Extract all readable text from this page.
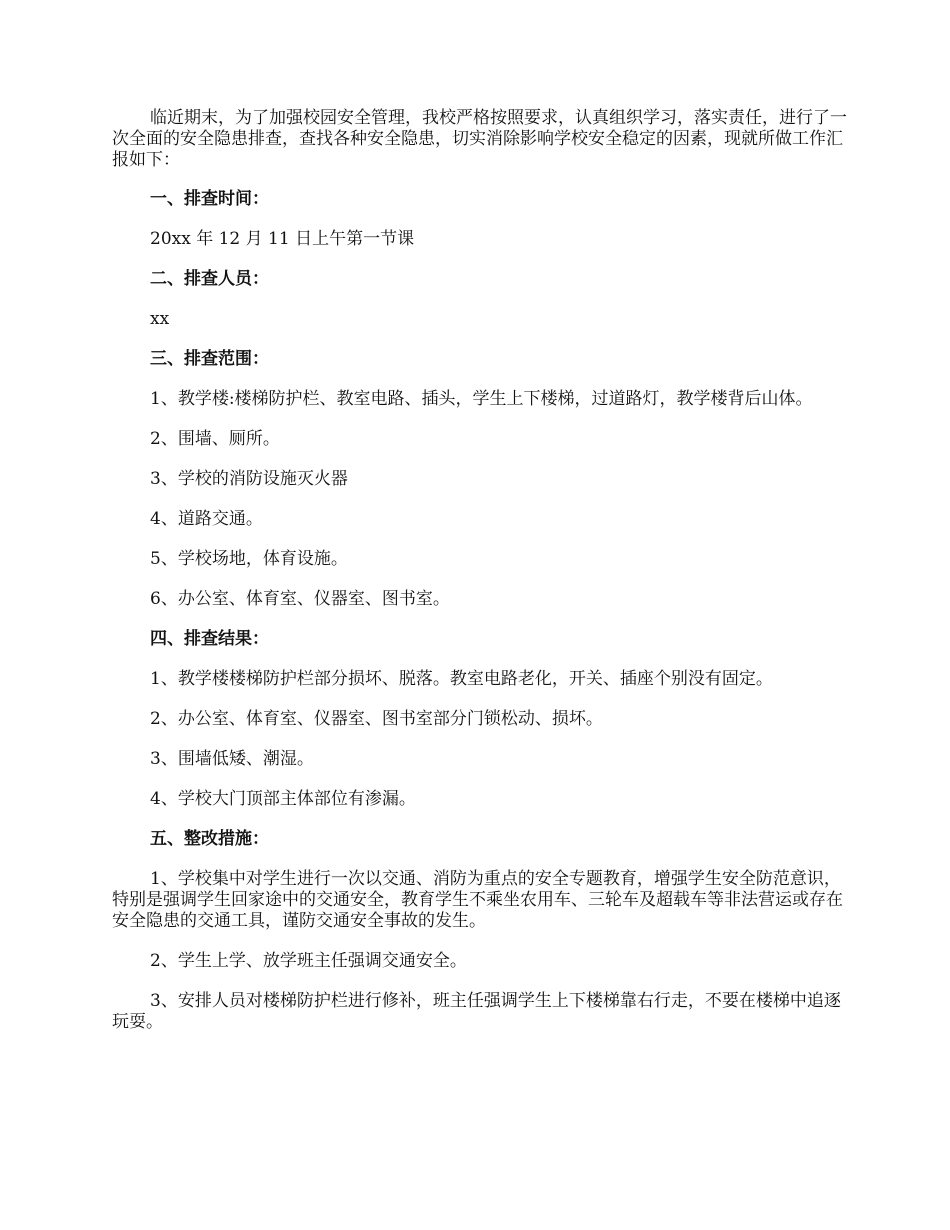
临近期末，为了加强校园安全管理，我校严格按照要求，认真组织学习，落实责任，进行了一次全面的安全隐患排查，查找各种安全隐患，切实消除影响学校安全稳定的因素，现就所做工作汇报如下：

一、排查时间：

20xx 年 12 月 11 日上午第一节课

二、排查人员：

xx

三、排查范围：

1、教学楼:楼梯防护栏、教室电路、插头，学生上下楼梯，过道路灯，教学楼背后山体。

2、围墙、厕所。

3、学校的消防设施灭火器

4、道路交通。

5、学校场地，体育设施。

6、办公室、体育室、仪器室、图书室。

四、排查结果：

1、教学楼楼梯防护栏部分损坏、脱落。教室电路老化，开关、插座个别没有固定。

2、办公室、体育室、仪器室、图书室部分门锁松动、损坏。

3、围墙低矮、潮湿。

4、学校大门顶部主体部位有渗漏。

五、整改措施：

1、学校集中对学生进行一次以交通、消防为重点的安全专题教育，增强学生安全防范意识，特别是强调学生回家途中的交通安全，教育学生不乘坐农用车、三轮车及超载车等非法营运或存在安全隐患的交通工具，谨防交通安全事故的发生。

2、学生上学、放学班主任强调交通安全。

3、安排人员对楼梯防护栏进行修补，班主任强调学生上下楼梯靠右行走，不要在楼梯中追逐玩耍。
